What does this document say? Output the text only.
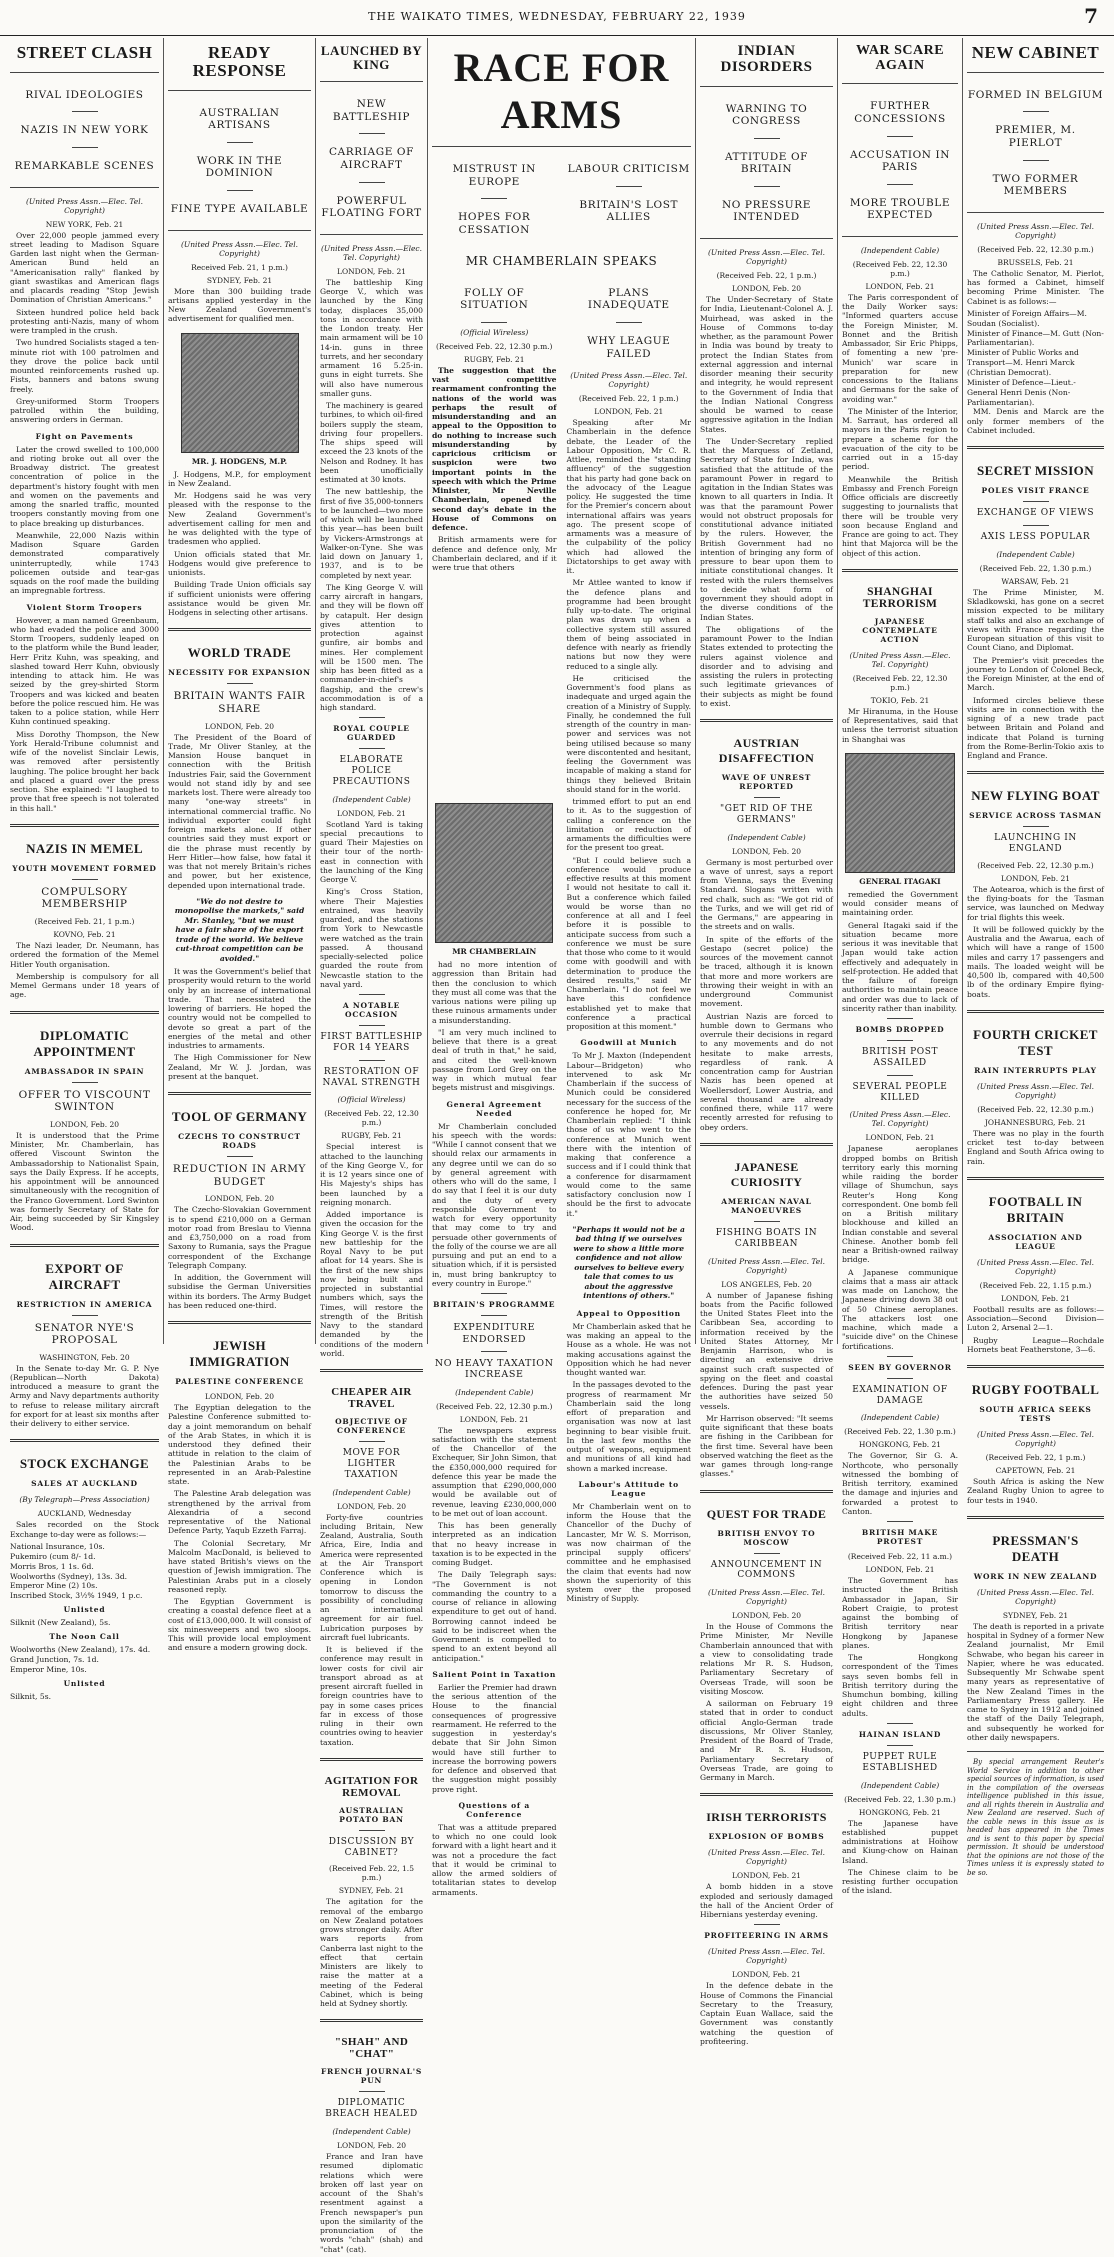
THE WAIKATO TIMES, WEDNESDAY, FEBRUARY 22, 1939	7
STREET CLASH
RIVAL IDEOLOGIES
NAZIS IN NEW YORK
REMARKABLE SCENES
(United Press Assn.—Elec. Tel. Copyright)
NEW YORK, Feb. 21

Over 22,000 people jammed every street leading to Madison Square Garden last night when the German-American Bund held an "Americanisation rally" flanked by giant swastikas and American flags and placards reading "Stop Jewish Domination of Christian Americans."

Sixteen hundred police held back protesting anti-Nazis, many of whom were trampled in the crush.

Two hundred Socialists staged a ten-minute riot with 100 patrolmen and they drove the police back until mounted reinforcements rushed up. Fists, banners and batons swung freely.

Grey-uniformed Storm Troopers patrolled within the building, answering orders in German.

Fight on Pavements

Later the crowd swelled to 100,000 and rioting broke out all over the Broadway district. The greatest concentration of police in the department's history fought with men and women on the pavements and among the snarled traffic, mounted troopers constantly moving from one to place breaking up disturbances.

Meanwhile, 22,000 Nazis within Madison Square Garden demonstrated comparatively uninterruptedly, while 1743 policemen outside and tear-gas squads on the roof made the building an impregnable fortress.

Violent Storm Troopers

However, a man named Greenbaum, who had evaded the police and 3000 Storm Troopers, suddenly leaped on to the platform while the Bund leader, Herr Fritz Kuhn, was speaking, and slashed toward Herr Kuhn, obviously intending to attack him. He was seized by the grey-shirted Storm Troopers and was kicked and beaten before the police rescued him. He was taken to a police station, while Herr Kuhn continued speaking.

Miss Dorothy Thompson, the New York Herald-Tribune columnist and wife of the novelist Sinclair Lewis, was removed after persistently laughing. The police brought her back and placed a guard over the press section. She explained: "I laughed to prove that free speech is not tolerated in this hall."

NAZIS IN MEMEL
YOUTH MOVEMENT FORMED
COMPULSORY MEMBERSHIP
(Received Feb. 21, 1 p.m.)
KOVNO, Feb. 21

The Nazi leader, Dr. Neumann, has ordered the formation of the Memel Hitler Youth organisation.

Membership is compulsory for all Memel Germans under 18 years of age.

DIPLOMATIC APPOINTMENT
AMBASSADOR IN SPAIN
OFFER TO VISCOUNT SWINTON
LONDON, Feb. 20

It is understood that the Prime Minister, Mr. Chamberlain, has offered Viscount Swinton the Ambassadorship to Nationalist Spain, says the Daily Express. If he accepts, his appointment will be announced simultaneously with the recognition of the Franco Government. Lord Swinton was formerly Secretary of State for Air, being succeeded by Sir Kingsley Wood.

EXPORT OF AIRCRAFT
RESTRICTION IN AMERICA
SENATOR NYE'S PROPOSAL
WASHINGTON, Feb. 20

In the Senate to-day Mr. G. P. Nye (Republican—North Dakota) introduced a measure to grant the Army and Navy departments authority to refuse to release military aircraft for export for at least six months after their delivery to either service.

STOCK EXCHANGE
SALES AT AUCKLAND
(By Telegraph—Press Association)
AUCKLAND, Wednesday

Sales recorded on the Stock Exchange to-day were as follows:—

National Insurance, 10s.
Pukemiro (cum 8/- 1d.
Morris Bros, 1 1s. 6d.
Woolworths (Sydney), 13s. 3d.
Emperor Mine (2) 10s.
Inscribed Stock, 3½% 1949, 1 p.c.
Unlisted
Silknit (New Zealand), 5s.
The Noon Call
Woolworths (New Zealand), 17s. 4d.
Grand Junction, 7s. 1d.
Emperor Mine, 10s.
Unlisted
Silknit, 5s.
READY RESPONSE
AUSTRALIAN ARTISANS
WORK IN THE DOMINION
FINE TYPE AVAILABLE
(United Press Assn.—Elec. Tel. Copyright)
Received Feb. 21, 1 p.m.)
SYDNEY, Feb. 21

More than 300 building trade artisans applied yesterday in the New Zealand Government's advertisement for qualified men.

MR. J. HODGENS, M.P.

J. Hodgens, M.P., for employment in New Zealand.

Mr. Hodgens said he was very pleased with the response to the New Zealand Government's advertisement calling for men and he was delighted with the type of tradesmen who applied.

Union officials stated that Mr. Hodgens would give preference to unionists.

Building Trade Union officials say if sufficient unionists were offering assistance would be given Mr. Hodgens in selecting other artisans.

WORLD TRADE
NECESSITY FOR EXPANSION
BRITAIN WANTS FAIR SHARE
LONDON, Feb. 20

The President of the Board of Trade, Mr Oliver Stanley, at the Mansion House banquet in connection with the British Industries Fair, said the Government would not stand idly by and see markets lost. There were already too many "one-way streets" in international commercial traffic. No individual exporter could fight foreign markets alone. If other countries said they must export or die the phrase must recently by Herr Hitler—how false, how fatal it was that not merely Britain's riches and power, but her existence, depended upon international trade.

"We do not desire to monopolise the markets," said Mr. Stanley, "but we must have a fair share of the export trade of the world. We believe cut-throat competition can be avoided."

It was the Government's belief that prosperity would return to the world only by an increase of international trade. That necessitated the lowering of barriers. He hoped the country would not be compelled to devote so great a part of the energies of the metal and other industries to armaments.

The High Commissioner for New Zealand, Mr W. J. Jordan, was present at the banquet.

TOOL OF GERMANY
CZECHS TO CONSTRUCT ROADS
REDUCTION IN ARMY BUDGET
LONDON, Feb. 20

The Czecho-Slovakian Government is to spend £210,000 on a German motor road from Breslau to Vienna and £3,750,000 on a road from Saxony to Rumania, says the Prague correspondent of the Exchange Telegraph Company.

In addition, the Government will subsidise the German Universities within its borders. The Army Budget has been reduced one-third.

JEWISH IMMIGRATION
PALESTINE CONFERENCE
LONDON, Feb. 20

The Egyptian delegation to the Palestine Conference submitted to-day a joint memorandum on behalf of the Arab States, in which it is understood they defined their attitude in relation to the claim of the Palestinian Arabs to be represented in an Arab-Palestine state.

The Palestine Arab delegation was strengthened by the arrival from Alexandria of a second representative of the National Defence Party, Yaqub Ezzeth Farraj.

The Colonial Secretary, Mr Malcolm MacDonald, is believed to have stated British's views on the question of Jewish immigration. The Palestinian Arabs put in a closely reasoned reply.

The Egyptian Government is creating a coastal defence fleet at a cost of £13,000,000. It will consist of six minesweepers and two sloops. This will provide local employment and ensure a modern growing dock.

LAUNCHED BY KING
NEW BATTLESHIP
CARRIAGE OF AIRCRAFT
POWERFUL FLOATING FORT
(United Press Assn.—Elec. Tel. Copyright)
LONDON, Feb. 21

The battleship King George V., which was launched by the King today, displaces 35,000 tons in accordance with the London treaty. Her main armament will be 10 14-in. guns in three turrets, and her secondary armament 16 5.25-in. guns in eight turrets. She will also have numerous smaller guns.

The machinery is geared turbines, to which oil-fired boilers supply the steam, driving four propellers. The ships speed will exceed the 23 knots of the Nelson and Rodney. It has been unofficially estimated at 30 knots.

The new battleship, the first of five 35,000-tonners to be launched—two more of which will be launched this year—has been built by Vickers-Armstrongs at Walker-on-Tyne. She was laid down on January 1, 1937, and is to be completed by next year.

The King George V. will carry aircraft in hangars, and they will be flown off by catapult. Her design gives attention to protection against gunfire, air bombs and mines. Her complement will be 1500 men. The ship has been fitted as a commander-in-chief's flagship, and the crew's accommodation is of a high standard.

ROYAL COUPLE GUARDED
ELABORATE POLICE PRECAUTIONS
(Independent Cable)
LONDON, Feb. 21

Scotland Yard is taking special precautions to guard Their Majesties on their tour of the north-east in connection with the launching of the King George V.

King's Cross Station, where Their Majesties entrained, was heavily guarded, and the stations from York to Newcastle were watched as the train passed. A thousand specially-selected police guarded the route from Newcastle station to the naval yard.

A NOTABLE OCCASION
FIRST BATTLESHIP FOR 14 YEARS
RESTORATION OF NAVAL STRENGTH
(Official Wireless)
(Received Feb. 22, 12.30 p.m.)
RUGBY, Feb. 21

Special interest is attached to the launching of the King George V., for it is 12 years since one of His Majesty's ships has been launched by a reigning monarch.

Added importance is given the occasion for the King George V. is the first new battleship for the Royal Navy to be put afloat for 14 years. She is the first of the new ships now being built and projected in substantial numbers which, says the Times, will restore the strength of the British Navy to the standard demanded by the conditions of the modern world.

CHEAPER AIR TRAVEL
OBJECTIVE OF CONFERENCE
MOVE FOR LIGHTER TAXATION
(Independent Cable)
LONDON, Feb. 20

Forty-five countries including Britain, New Zealand, Australia, South Africa, Eire, India and America were represented at the Air Transport Conference which is opening in London tomorrow to discuss the possibility of concluding an international agreement for air fuel. Lubrication purposes by aircraft fuel lubricants.

It is believed if the conference may result in lower costs for civil air transport abroad as at present aircraft fuelled in foreign countries have to pay in some cases prices far in excess of those ruling in their own countries owing to heavier taxation.

AGITATION FOR REMOVAL
AUSTRALIAN POTATO BAN
DISCUSSION BY CABINET?
(Received Feb. 22, 1.5 p.m.)
SYDNEY, Feb. 21

The agitation for the removal of the embargo on New Zealand potatoes grows stronger daily. After wars reports from Canberra last night to the effect that certain Ministers are likely to raise the matter at a meeting of the Federal Cabinet, which is being held at Sydney shortly.

"SHAH" AND "CHAT"
FRENCH JOURNAL'S PUN
DIPLOMATIC BREACH HEALED
(Independent Cable)
LONDON, Feb. 20

France and Iran have resumed diplomatic relations which were broken off last year on account of the Shah's resentment against a French newspaper's pun upon the similarity of the pronunciation of the words "chah" (shah) and "chat" (cat).

RACE FOR ARMS
MISTRUST IN EUROPE
HOPES FOR CESSATION
LABOUR CRITICISM
BRITAIN'S LOST ALLIES
MR CHAMBERLAIN SPEAKS
FOLLY OF SITUATION
(Official Wireless)
(Received Feb. 22, 12.30 p.m.)
RUGBY, Feb. 21

The suggestion that the vast competitive rearmament confronting the nations of the world was perhaps the result of misunderstanding and an appeal to the Opposition to do nothing to increase such misunderstanding by capricious criticism or suspicion were two important points in the speech with which the Prime Minister, Mr Neville Chamberlain, opened the second day's debate in the House of Commons on defence.

British armaments were for defence and defence only, Mr Chamberlain declared, and if it were true that others

PLANS INADEQUATE
WHY LEAGUE FAILED
(United Press Assn.—Elec. Tel. Copyright)
(Received Feb. 22, 1 p.m.)
LONDON, Feb. 21

Speaking after Mr Chamberlain in the defence debate, the Leader of the Labour Opposition, Mr C. R. Attlee, reminded the "standing affluency" of the suggestion that his party had gone back on the advocacy of the League policy. He suggested the time for the Premier's concern about international affairs was years ago. The present scope of armaments was a measure of the culpability of the policy which had allowed the Dictatorships to get away with it.

Mr Attlee wanted to know if the defence plans and programme had been brought fully up-to-date. The original plan was drawn up when a collective system still assured them of being associated in defence with nearly as friendly nations but now they were reduced to a single ally.

He criticised the Government's food plans as inadequate and urged again the creation of a Ministry of Supply. Finally, he condemned the full strength of the country in man-power and services was not being utilised because so many were discontented and hesitant, feeling the Government was incapable of making a stand for things they believed Britain should stand for in the world.

MR CHAMBERLAIN

had no more intention of aggression than Britain had then the conclusion to which they must all come was that the various nations were piling up these ruinous armaments under a misunderstanding.

"I am very much inclined to believe that there is a great deal of truth in that," he said, and cited the well-known passage from Lord Grey on the way in which mutual fear begets mistrust and misgivings.

General Agreement Needed

Mr Chamberlain concluded his speech with the words: "While I cannot consent that we should relax our armaments in any degree until we can do so by general agreement with others who will do the same, I do say that I feel it is our duty and the duty of every responsible Government to watch for every opportunity that may come to try and persuade other governments of the folly of the course we are all pursuing and put an end to a situation which, if it is persisted in, must bring bankruptcy to every country in Europe."

BRITAIN'S PROGRAMME
EXPENDITURE ENDORSED
NO HEAVY TAXATION INCREASE
(Independent Cable)
(Received Feb. 22, 12.30 p.m.)
LONDON, Feb. 21

The newspapers express satisfaction with the statement of the Chancellor of the Exchequer, Sir John Simon, that the £350,000,000 required for defence this year be made the assumption that £290,000,000 would be available out of revenue, leaving £230,000,000 to be met out of loan account.

This has been generally interpreted as an indication that no heavy increase in taxation is to be expected in the coming Budget.

The Daily Telegraph says: "The Government is not commanding the country to a course of reliance in allowing expenditure to get out of hand. Borrowing cannot indeed be said to be indiscreet when the Government is compelled to spend to an extent beyond all anticipation."

Salient Point in Taxation

Earlier the Premier had drawn the serious attention of the House to the financial consequences of progressive rearmament. He referred to the suggestion in yesterday's debate that Sir John Simon would have still further to increase the borrowing powers for defence and observed that the suggestion might possibly prove right.

Questions of a Conference

That was a attitude prepared to which no one could look forward with a light heart and it was not a procedure the fact that it would be criminal to allow the armed soldiers of totalitarian states to develop armaments.

trimmed effort to put an end to it. As to the suggestion of calling a conference on the limitation or reduction of armaments the difficulties were for the present too great.

"But I could believe such a conference would produce effective results at this moment I would not hesitate to call it. But a conference which failed would be worse than no conference at all and I feel before it is possible to anticipate success from such a conference we must be sure that those who come to it would come with goodwill and with determination to produce the desired results," said Mr Chamberlain. "I do not feel we have this confidence established yet to make that conference a practical proposition at this moment."

Goodwill at Munich

To Mr J. Maxton (Independent Labour—Bridgeton) who intervened to ask Mr Chamberlain if the success of Munich could be considered necessary for the success of the conference he hoped for, Mr Chamberlain replied: "I think those of us who went to the conference at Munich went there with the intention of making that conference a success and if I could think that a conference for disarmament would come to the same satisfactory conclusion now I should be the first to advocate it."

"Perhaps it would not be a bad thing if we ourselves were to show a little more confidence and not allow ourselves to believe every tale that comes to us about the aggressive intentions of others."
Appeal to Opposition

Mr Chamberlain asked that he was making an appeal to the House as a whole. He was not making accusations against the Opposition which he had never thought wanted war.

In the passages devoted to the progress of rearmament Mr Chamberlain said the long effort of preparation and organisation was now at last beginning to bear visible fruit. In the last few months the output of weapons, equipment and munitions of all kind had shown a marked increase.

Labour's Attitude to League

Mr Chamberlain went on to inform the House that the Chancellor of the Duchy of Lancaster, Mr W. S. Morrison, was now chairman of the principal supply officers' committee and he emphasised the claim that events had now shown the superiority of this system over the proposed Ministry of Supply.

INDIAN DISORDERS
WARNING TO CONGRESS
ATTITUDE OF BRITAIN
NO PRESSURE INTENDED
(United Press Assn.—Elec. Tel. Copyright)
(Received Feb. 22, 1 p.m.)
LONDON, Feb. 20

The Under-Secretary of State for India, Lieutenant-Colonel A. J. Muirhead, was asked in the House of Commons to-day whether, as the paramount Power in India was bound by treaty to protect the Indian States from external aggression and internal disorder meaning their security and integrity, he would represent to the Government of India that the Indian National Congress should be warned to cease aggressive agitation in the Indian States.

The Under-Secretary replied that the Marquess of Zetland, Secretary of State for India, was satisfied that the attitude of the paramount Power in regard to agitation in the Indian States was known to all quarters in India. It was that the paramount Power would not obstruct proposals for constitutional advance initiated by the rulers. However, the British Government had no intention of bringing any form of pressure to bear upon them to initiate constitutional changes. It rested with the rulers themselves to decide what form of government they should adopt in the diverse conditions of the Indian States.

The obligations of the paramount Power to the Indian States extended to protecting the rulers against violence and disorder and to advising and assisting the rulers in protecting such legitimate grievances of their subjects as might be found to exist.

AUSTRIAN DISAFFECTION
WAVE OF UNREST REPORTED
"GET RID OF THE GERMANS"
(Independent Cable)
LONDON, Feb. 20

Germany is most perturbed over a wave of unrest, says a report from Vienna, says the Evening Standard. Slogans written with red chalk, such as: "We got rid of the Turks, and we will get rid of the Germans," are appearing in the streets and on walls.

In spite of the efforts of the Gestapo (secret police) the sources of the movement cannot be traced, although it is known that more and more workers are throwing their weight in with an underground Communist movement.

Austrian Nazis are forced to humble down to Germans who overrule their decisions in regard to any movements and do not hesitate to make arrests, regardless of rank. A concentration camp for Austrian Nazis has been opened at Woellersdorf, Lower Austria, and several thousand are already confined there, while 117 were recently arrested for refusing to obey orders.

JAPANESE CURIOSITY
AMERICAN NAVAL MANOEUVRES
FISHING BOATS IN CARIBBEAN
(United Press Assn.—Elec. Tel. Copyright)
LOS ANGELES, Feb. 20

A number of Japanese fishing boats from the Pacific followed the United States Fleet into the Caribbean Sea, according to information received by the United States Attorney, Mr Benjamin Harrison, who is directing an extensive drive against such craft suspected of spying on the fleet and coastal defences. During the past year the authorities have seized 50 vessels.

Mr Harrison observed: "It seems quite significant that these boats are fishing in the Caribbean for the first time. Several have been observed watching the fleet as the war games through long-range glasses."

QUEST FOR TRADE
BRITISH ENVOY TO MOSCOW
ANNOUNCEMENT IN COMMONS
(United Press Assn.—Elec. Tel. Copyright)
LONDON, Feb. 20

In the House of Commons the Prime Minister, Mr Neville Chamberlain announced that with a view to consolidating trade relations Mr R. S. Hudson, Parliamentary Secretary of Overseas Trade, will soon be visiting Moscow.

A sailorman on February 19 stated that in order to conduct official Anglo-German trade discussions, Mr Oliver Stanley, President of the Board of Trade, and Mr R. S. Hudson, Parliamentary Secretary of Overseas Trade, are going to Germany in March.

IRISH TERRORISTS
EXPLOSION OF BOMBS
(United Press Assn.—Elec. Tel. Copyright)
LONDON, Feb. 21

A bomb hidden in a stove exploded and seriously damaged the hall of the Ancient Order of Hibernians yesterday evening.

PROFITEERING IN ARMS
(United Press Assn.—Elec. Tel. Copyright)
LONDON, Feb. 21

In the defence debate in the House of Commons the Financial Secretary to the Treasury, Captain Euan Wallace, said the Government was constantly watching the question of profiteering.

WAR SCARE AGAIN
FURTHER CONCESSIONS
ACCUSATION IN PARIS
MORE TROUBLE EXPECTED
(Independent Cable)
(Received Feb. 22, 12.30 p.m.)
LONDON, Feb. 21

The Paris correspondent of the Daily Worker says: "Informed quarters accuse the Foreign Minister, M. Bonnet and the British Ambassador, Sir Eric Phipps, of fomenting a new 'pre-Munich' war scare in preparation for new concessions to the Italians and Germans for the sake of avoiding war."

The Minister of the Interior, M. Sarraut, has ordered all mayors in the Paris region to prepare a scheme for the evacuation of the city to be carried out in a 15-day period.

Meanwhile the British Embassy and French Foreign Office officials are discreetly suggesting to journalists that there will be trouble very soon because England and France are going to act. They hint that Majorca will be the object of this action.

SHANGHAI TERRORISM
JAPANESE CONTEMPLATE ACTION
(United Press Assn.—Elec. Tel. Copyright)
(Received Feb. 22, 12.30 p.m.)
TOKIO, Feb. 21

Mr Hiranuma, in the House of Representatives, said that unless the terrorist situation in Shanghai was

GENERAL ITAGAKI

remedied the Government would consider means of maintaining order.

General Itagaki said if the situation became more serious it was inevitable that Japan would take action effectively and adequately in self-protection. He added that the failure of foreign authorities to maintain peace and order was due to lack of sincerity rather than inability.

BOMBS DROPPED
BRITISH POST ASSAILED
SEVERAL PEOPLE KILLED
(United Press Assn.—Elec. Tel. Copyright)
LONDON, Feb. 21

Japanese aeroplanes dropped bombs on British territory early this morning while raiding the border village of Shumchun, says Reuter's Hong Kong correspondent. One bomb fell on a British military blockhouse and killed an Indian constable and several Chinese. Another bomb fell near a British-owned railway bridge.

A Japanese communique claims that a mass air attack was made on Lanchow, the Japanese driving down 38 out of 50 Chinese aeroplanes. The attackers lost one machine, which made a "suicide dive" on the Chinese fortifications.

SEEN BY GOVERNOR
EXAMINATION OF DAMAGE
(Independent Cable)
(Received Feb. 22, 1.30 p.m.)
HONGKONG, Feb. 21

The Governor, Sir G. A. Northcote, who personally witnessed the bombing of British territory, examined the damage and injuries and forwarded a protest to Canton.

BRITISH MAKE PROTEST
(Received Feb. 22, 11 a.m.)
LONDON, Feb. 21

The Government has instructed the British Ambassador in Japan, Sir Robert Craigie, to protest against the bombing of British territory near Hongkong by Japanese planes.

The Hongkong correspondent of the Times says seven bombs fell in British territory during the Shumchun bombing, killing eight children and three adults.

HAINAN ISLAND
PUPPET RULE ESTABLISHED
(Independent Cable)
(Received Feb. 22, 1.30 p.m.)
HONGKONG, Feb. 21

The Japanese have established puppet administrations at Hoihow and Kiung-chow on Hainan Island.

The Chinese claim to be resisting further occupation of the island.

NEW CABINET
FORMED IN BELGIUM
PREMIER, M. PIERLOT
TWO FORMER MEMBERS
(United Press Assn.—Elec. Tel. Copyright)
(Received Feb. 22, 12.30 p.m.)
BRUSSELS, Feb. 21

The Catholic Senator, M. Pierlot, has formed a Cabinet, himself becoming Prime Minister. The Cabinet is as follows:—

Minister of Foreign Affairs—M. Soudan (Socialist).
Minister of Finance—M. Gutt (Non-Parliamentarian).
Minister of Public Works and Transport—M. Henri Marck (Christian Democrat).
Minister of Defence—Lieut.-General Henri Denis (Non-Parliamentarian).

MM. Denis and Marck are the only former members of the Cabinet included.

SECRET MISSION
POLES VISIT FRANCE
EXCHANGE OF VIEWS
AXIS LESS POPULAR
(Independent Cable)
(Received Feb. 22, 1.30 p.m.)
WARSAW, Feb. 21

The Prime Minister, M. Skladkowski, has gone on a secret mission expected to be military staff talks and also an exchange of views with France regarding the European situation of this visit to Count Ciano, and Diplomat.

The Premier's visit precedes the journey to London of Colonel Beck, the Foreign Minister, at the end of March.

Informed circles believe these visits are in connection with the signing of a new trade pact between Britain and Poland and indicate that Poland is turning from the Rome-Berlin-Tokio axis to England and France.

NEW FLYING BOAT
SERVICE ACROSS TASMAN
LAUNCHING IN ENGLAND
(Received Feb. 22, 12.30 p.m.)
LONDON, Feb. 21

The Aotearoa, which is the first of the flying-boats for the Tasman service, was launched on Medway for trial flights this week.

It will be followed quickly by the Australia and the Awarua, each of which will have a range of 1500 miles and carry 17 passengers and mails. The loaded weight will be 40,500 lb, compared with 40,500 lb of the ordinary Empire flying-boats.

FOURTH CRICKET TEST
RAIN INTERRUPTS PLAY
(United Press Assn.—Elec. Tel. Copyright)
(Received Feb. 22, 12.30 p.m.)
JOHANNESBURG, Feb. 21

There was no play in the fourth cricket test to-day between England and South Africa owing to rain.

FOOTBALL IN BRITAIN
ASSOCIATION AND LEAGUE
(United Press Assn.—Elec. Tel. Copyright)
(Received Feb. 22, 1.15 p.m.)
LONDON, Feb. 21

Football results are as follows:— Association—Second Division—Luton 2, Arsenal 2—1.

Rugby League—Rochdale Hornets beat Featherstone, 3—6.

RUGBY FOOTBALL
SOUTH AFRICA SEEKS TESTS
(United Press Assn.—Elec. Tel. Copyright)
(Received Feb. 22, 1 p.m.)
CAPETOWN, Feb. 21

South Africa is asking the New Zealand Rugby Union to agree to four tests in 1940.

PRESSMAN'S DEATH
WORK IN NEW ZEALAND
(United Press Assn.—Elec. Tel. Copyright)
SYDNEY, Feb. 21

The death is reported in a private hospital in Sydney of a former New Zealand journalist, Mr Emil Schwabe, who began his career in Napier, where he was educated. Subsequently Mr Schwabe spent many years as representative of the New Zealand Times in the Parliamentary Press gallery. He came to Sydney in 1912 and joined the staff of the Daily Telegraph, and subsequently he worked for other daily newspapers.

By special arrangement Reuter's World Service in addition to other special sources of information, is used in the compilation of the overseas intelligence published in this issue, and all rights therein in Australia and New Zealand are reserved. Such of the cable news in this issue as is headed has appeared in the Times and is sent to this paper by special permission. It should be understood that the opinions are not those of the Times unless it is expressly stated to be so.
